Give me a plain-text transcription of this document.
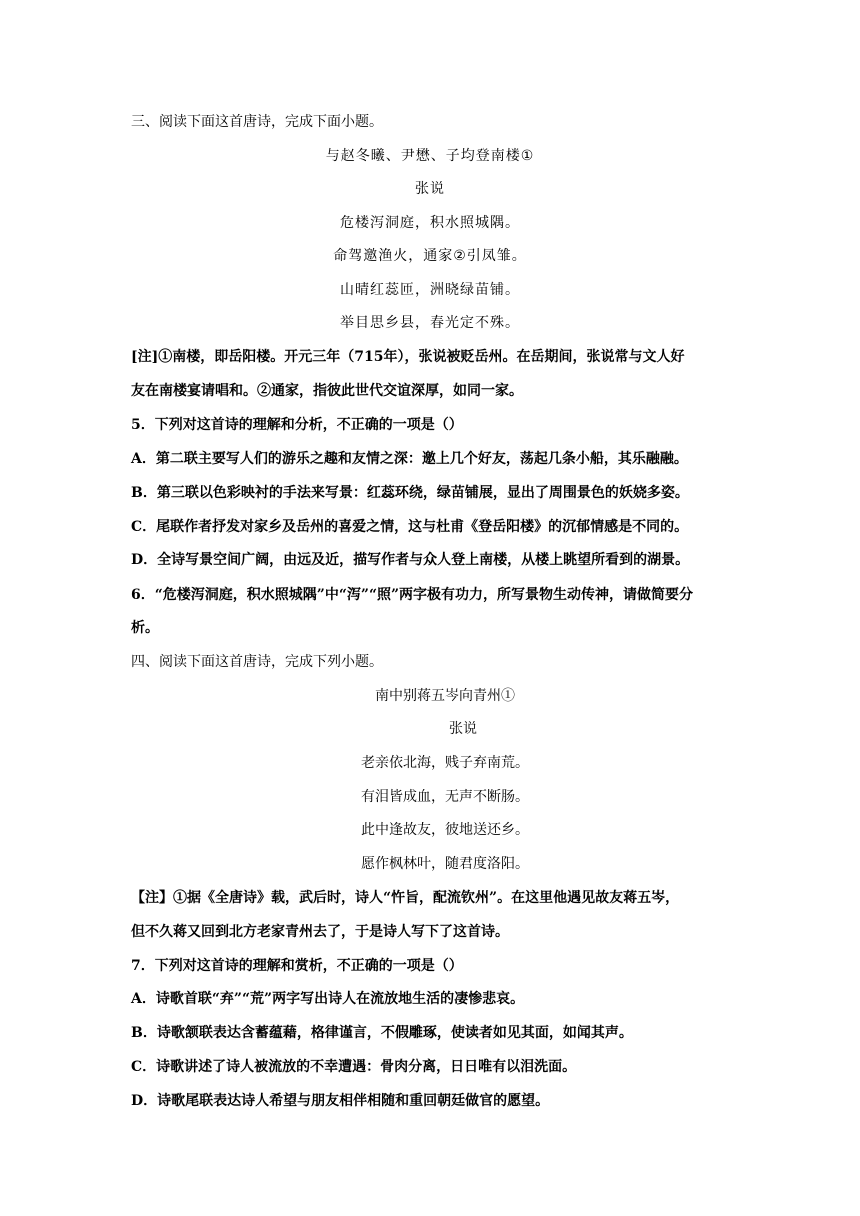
三、阅读下面这首唐诗，完成下面小题。
与赵冬曦、尹懋、子均登南楼①
张说
危楼泻洞庭，积水照城隅。
命驾邀渔火，通家②引凤雏。
山晴红蕊匝，洲晓绿苗铺。
举目思乡县，春光定不殊。
[注]①南楼，即岳阳楼。开元三年（715年），张说被贬岳州。在岳期间，张说常与文人好
友在南楼宴请唱和。②通家，指彼此世代交谊深厚，如同一家。
5．下列对这首诗的理解和分析，不正确的一项是（）
A．第二联主要写人们的游乐之趣和友情之深：邀上几个好友，荡起几条小船，其乐融融。
B．第三联以色彩映衬的手法来写景：红蕊环绕，绿苗铺展，显出了周围景色的妖娆多姿。
C．尾联作者抒发对家乡及岳州的喜爱之情，这与杜甫《登岳阳楼》的沉郁情感是不同的。
D．全诗写景空间广阔，由远及近，描写作者与众人登上南楼，从楼上眺望所看到的湖景。
6．“危楼泻洞庭，积水照城隅”中“泻”“照”两字极有功力，所写景物生动传神，请做简要分
析。
四、阅读下面这首唐诗，完成下列小题。
南中别蒋五岑向青州①
张说
老亲依北海，贱子弃南荒。
有泪皆成血，无声不断肠。
此中逢故友，彼地送还乡。
愿作枫林叶，随君度洛阳。
【注】①据《全唐诗》载，武后时，诗人“忤旨，配流钦州”。在这里他遇见故友蒋五岑，
但不久蒋又回到北方老家青州去了，于是诗人写下了这首诗。
7．下列对这首诗的理解和赏析，不正确的一项是（）
A．诗歌首联“弃”“荒”两字写出诗人在流放地生活的凄惨悲哀。
B．诗歌颔联表达含蓄蕴藉，格律谨言，不假雕琢，使读者如见其面，如闻其声。
C．诗歌讲述了诗人被流放的不幸遭遇：骨肉分离，日日唯有以泪洗面。
D．诗歌尾联表达诗人希望与朋友相伴相随和重回朝廷做官的愿望。
